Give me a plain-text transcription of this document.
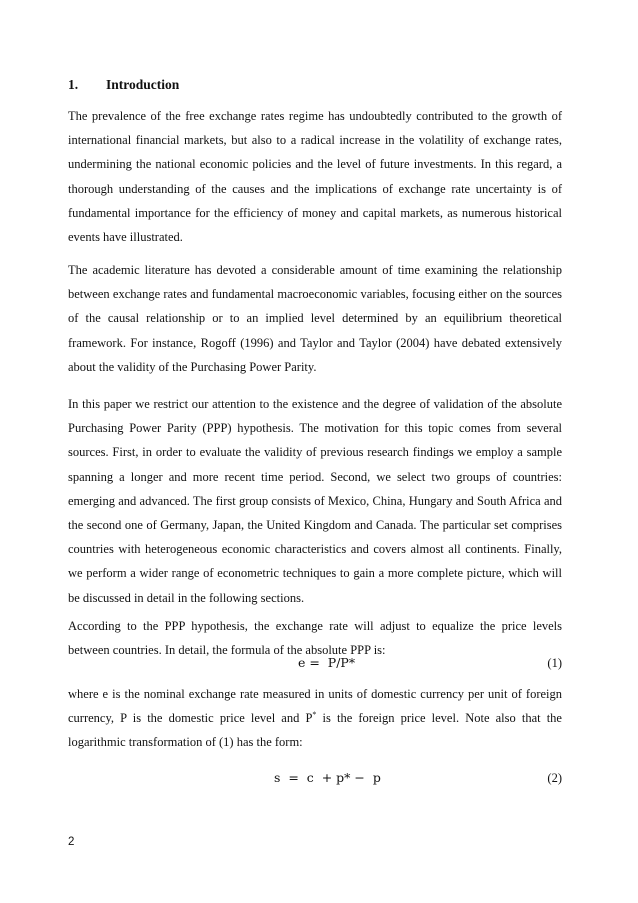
1. Introduction

The prevalence of the free exchange rates regime has undoubtedly contributed to the growth of international financial markets, but also to a radical increase in the volatility of exchange rates, undermining the national economic policies and the level of future investments. In this regard, a thorough understanding of the causes and the implications of exchange rate uncertainty is of fundamental importance for the efficiency of money and capital markets, as numerous historical events have illustrated.

The academic literature has devoted a considerable amount of time examining the relationship between exchange rates and fundamental macroeconomic variables, focusing either on the sources of the causal relationship or to an implied level determined by an equilibrium theoretical framework. For instance, Rogoff (1996) and Taylor and Taylor (2004) have debated extensively about the validity of the Purchasing Power Parity.

In this paper we restrict our attention to the existence and the degree of validation of the absolute Purchasing Power Parity (PPP) hypothesis. The motivation for this topic comes from several sources. First, in order to evaluate the validity of previous research findings we employ a sample spanning a longer and more recent time period. Second, we select two groups of countries: emerging and advanced. The first group consists of Mexico, China, Hungary and South Africa and the second one of Germany, Japan, the United Kingdom and Canada. The particular set comprises countries with heterogeneous economic characteristics and covers almost all continents. Finally, we perform a wider range of econometric techniques to gain a more complete picture, which will be discussed in detail in the following sections.

According to the PPP hypothesis, the exchange rate will adjust to equalize the price levels between countries. In detail, the formula of the absolute PPP is:

e =  P/P*	(1)

where e is the nominal exchange rate measured in units of domestic currency per unit of foreign currency, P is the domestic price level and P* is the foreign price level. Note also that the logarithmic transformation of (1) has the form:

s  =  c  + p* −  p	(2)
2
